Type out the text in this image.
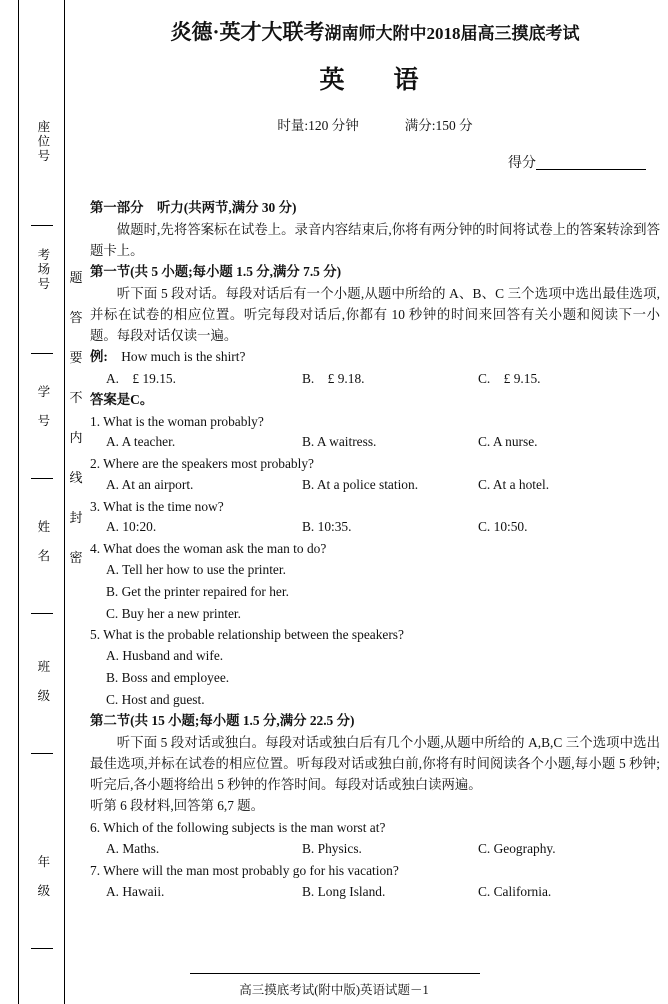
座位号
考场号
学　号
姓　名
班　级
年　级
题
答
要
不
内
线
封
密
炎德·英才大联考湖南师大附中2018届高三摸底考试
英　语
时量:120 分钟	满分:150 分
得分
第一部分　听力(共两节,满分 30 分)
做题时,先将答案标在试卷上。录音内容结束后,你将有两分钟的时间将试卷上的答案转涂到答题卡上。
第一节(共 5 小题;每小题 1.5 分,满分 7.5 分)
听下面 5 段对话。每段对话后有一个小题,从题中所给的 A、B、C 三个选项中选出最佳选项,并标在试卷的相应位置。听完每段对话后,你都有 10 秒钟的时间来回答有关小题和阅读下一小题。每段对话仅读一遍。
例: How much is the shirt?
A.　£ 19.15.	B.　£ 9.18.	C.　£ 9.15.
答案是C。
1. What is the woman probably?
A. A teacher.	B. A waitress.	C. A nurse.
2. Where are the speakers most probably?
A. At an airport.	B. At a police station.	C. At a hotel.
3. What is the time now?
A. 10:20.	B. 10:35.	C. 10:50.
4. What does the woman ask the man to do?
A. Tell her how to use the printer.
B. Get the printer repaired for her.
C. Buy her a new printer.
5. What is the probable relationship between the speakers?
A. Husband and wife.
B. Boss and employee.
C. Host and guest.
第二节(共 15 小题;每小题 1.5 分,满分 22.5 分)
听下面 5 段对话或独白。每段对话或独白后有几个小题,从题中所给的 A,B,C 三个选项中选出最佳选项,并标在试卷的相应位置。听每段对话或独白前,你将有时间阅读各个小题,每小题 5 秒钟;听完后,各小题将给出 5 秒钟的作答时间。每段对话或独白读两遍。
听第 6 段材料,回答第 6,7 题。
6. Which of the following subjects is the man worst at?
A. Maths.	B. Physics.	C. Geography.
7. Where will the man most probably go for his vacation?
A. Hawaii.	B. Long Island.	C. California.
高三摸底考试(附中版)英语试题－1
